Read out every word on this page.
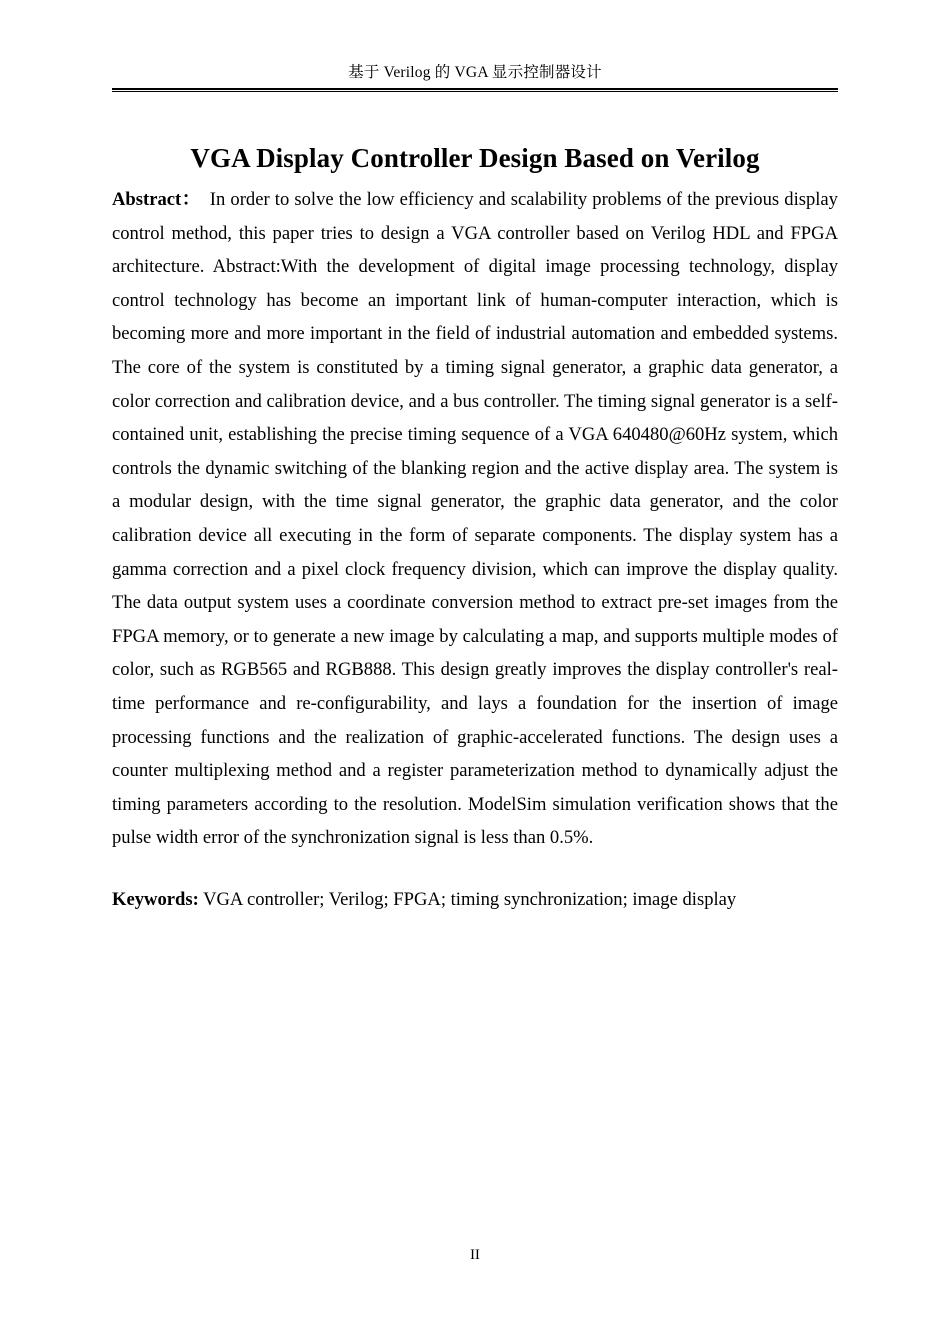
基于 Verilog 的 VGA 显示控制器设计
VGA Display Controller Design Based on Verilog

Abstract： In order to solve the low efficiency and scalability problems of the previous display control method, this paper tries to design a VGA controller based on Verilog HDL and FPGA architecture. Abstract:With the development of digital image processing technology, display control technology has become an important link of human-computer interaction, which is becoming more and more important in the field of industrial automation and embedded systems. The core of the system is constituted by a timing signal generator, a graphic data generator, a color correction and calibration device, and a bus controller. The timing signal generator is a self-contained unit, establishing the precise timing sequence of a VGA 640480@60Hz system, which controls the dynamic switching of the blanking region and the active display area. The system is a modular design, with the time signal generator, the graphic data generator, and the color calibration device all executing in the form of separate components. The display system has a gamma correction and a pixel clock frequency division, which can improve the display quality. The data output system uses a coordinate conversion method to extract pre-set images from the FPGA memory, or to generate a new image by calculating a map, and supports multiple modes of color, such as RGB565 and RGB888. This design greatly improves the display controller's real-time performance and re-configurability, and lays a foundation for the insertion of image processing functions and the realization of graphic-accelerated functions. The design uses a counter multiplexing method and a register parameterization method to dynamically adjust the timing parameters according to the resolution. ModelSim simulation verification shows that the pulse width error of the synchronization signal is less than 0.5%.

Keywords: VGA controller; Verilog; FPGA; timing synchronization; image display

II
